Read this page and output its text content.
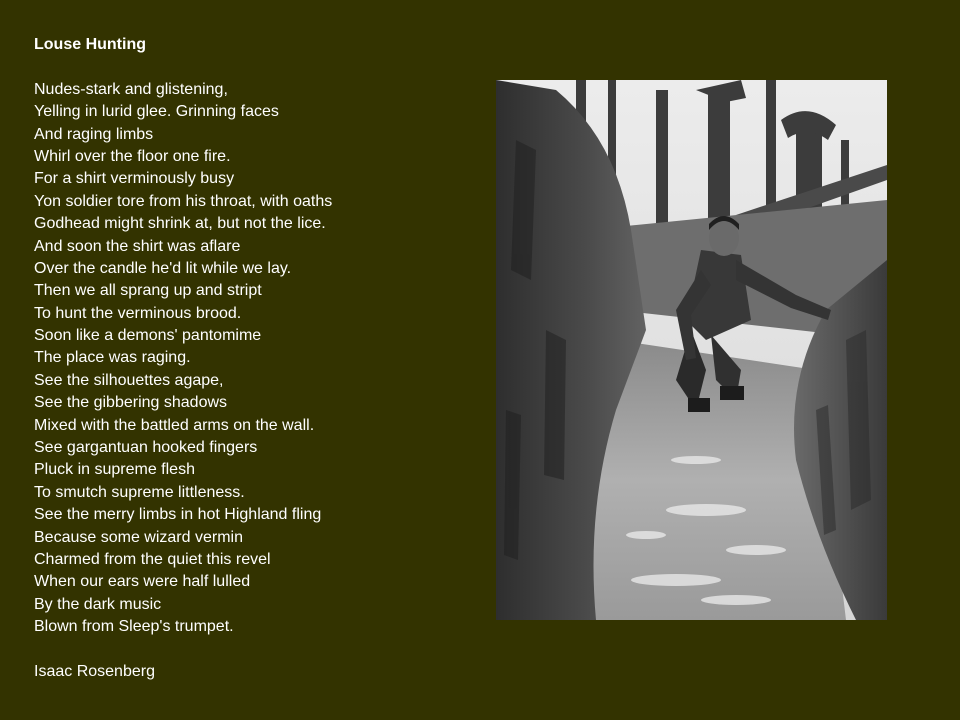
Louse Hunting
Nudes-stark and glistening,
Yelling in lurid glee. Grinning faces
And raging limbs
Whirl over the floor one fire.
For a shirt verminously busy
Yon soldier tore from his throat, with oaths
Godhead might shrink at, but not the lice.
And soon the shirt was aflare
Over the candle he'd lit while we lay.
Then we all sprang up and stript
To hunt the verminous brood.
Soon like a demons' pantomime
The place was raging.
See the silhouettes agape,
See the gibbering shadows
Mixed with the battled arms on the wall.
See gargantuan hooked fingers
Pluck in supreme flesh
To smutch supreme littleness.
See the merry limbs in hot Highland fling
Because some wizard vermin
Charmed from the quiet this revel
When our ears were half lulled
By the dark music
Blown from Sleep's trumpet.
Isaac Rosenberg
